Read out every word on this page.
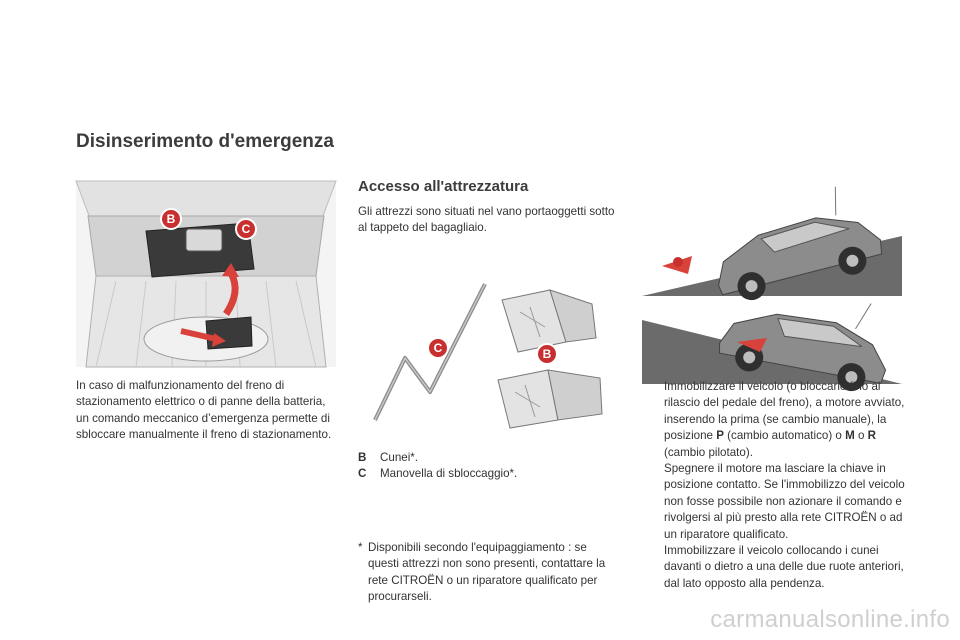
Disinserimento d'emergenza
B
C
In caso di malfunzionamento del freno di stazionamento elettrico o di panne della batteria, un comando meccanico d’emergenza permette di sbloccare manualmente il freno di stazionamento.
Accesso all'attrezzatura
Gli attrezzi sono situati nel vano portaoggetti sotto al tappeto del bagagliaio.
C	B
B	Cunei*.
C	Manovella di sbloccaggio*.
* Disponibili secondo l'equipaggiamento : se questi attrezzi non sono presenti, contattare la rete CITROËN o un riparatore qualificato per procurarseli.
Immobilizzare il veicolo (o bloccarlo fino al rilascio del pedale del freno), a motore avviato, inserendo la prima (se cambio manuale), la posizione P (cambio automatico) o M o R (cambio pilotato).
Spegnere il motore ma lasciare la chiave in posizione contatto. Se l'immobilizzo del veicolo non fosse possibile non azionare il comando e rivolgersi al più presto alla rete CITROËN o ad un riparatore qualificato.
Immobilizzare il veicolo collocando i cunei davanti o dietro a una delle due ruote anteriori, dal lato opposto alla pendenza.
carmanualsonline.info
